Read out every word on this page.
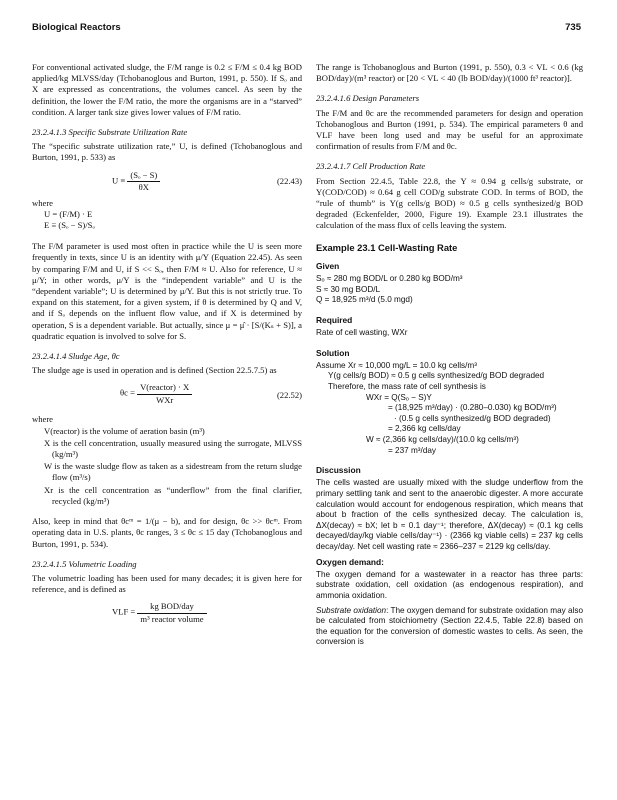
Biological Reactors	735

For conventional activated sludge, the F/M range is 0.2 ≤ F/M ≤ 0.4 kg BOD applied/kg MLVSS/day (Tchobanoglous and Burton, 1991, p. 550). If Sₒ and X are expressed as concentrations, the volumes cancel. As seen by the definition, the lower the F/M ratio, the more the organisms are in a “starved” condition. A larger tank size gives lower values of F/M ratio.

23.2.4.1.3 Specific Substrate Utilization Rate

The “specific substrate utilization rate,” U, is defined (Tchobanoglous and Burton, 1991, p. 533) as

$U \equiv \frac{\text{(Sₒ − S)}}{\theta X}$	(22.43)

where

U = (F/M) · E

E ≡ (Sₒ − S)/Sₒ

The F/M parameter is used most often in practice while the U is seen more frequently in texts, since U is an identity with μ/Y (Equation 22.45). As seen by comparing F/M and U, if S << Sₒ, then F/M ≈ U. Also for reference, U ≈ μ/Y; in other words, μ/Y is the “independent variable” and U is the “dependent variable”; U is determined by μ/Y. But this is not strictly true. To expand on this statement, for a given system, if θ is determined by Q and V, and if Sₒ depends on the influent flow value, and if X is determined by operation, S is a dependent variable. But actually, since μ = μ̂ · [S/(Kₛ + S)], a quadratic equation is involved to solve for S.

23.2.4.1.4 Sludge Age, θc

The sludge age is used in operation and is defined (Section 22.5.7.5) as

$\theta c = \frac{\text{V(reactor) · X}}{\text{WXr}}$	(22.52)

where

V(reactor) is the volume of aeration basin (m³)

X is the cell concentration, usually measured using the surrogate, MLVSS (kg/m³)

W is the waste sludge flow as taken as a sidestream from the return sludge flow (m³/s)

Xr is the cell concentration as “underflow” from the final clarifier, recycled (kg/m³)

Also, keep in mind that θcᵐ = 1/(μ − b), and for design, θc >> θcᵐ. From operating data in U.S. plants, θc ranges, 3 ≤ θc ≤ 15 day (Tchobanoglous and Burton, 1991, p. 534).

23.2.4.1.5 Volumetric Loading

The volumetric loading has been used for many decades; it is given here for reference, and is defined as

VLF = $\frac{\text{kg BOD/day}}{\text{m³ reactor volume}}$

The range is Tchobanoglous and Burton (1991, p. 550), 0.3 < VL < 0.6 (kg BOD/day)/(m³ reactor) or [20 < VL < 40 (lb BOD/day)/(1000 ft³ reactor)].

23.2.4.1.6 Design Parameters

The F/M and θc are the recommended parameters for design and operation Tchobanoglous and Burton (1991, p. 534). The empirical parameters θ and VLF have been long used and may be useful for an approximate confirmation of results from F/M and θc.

23.2.4.1.7 Cell Production Rate

From Section 22.4.5, Table 22.8, the Y ≈ 0.94 g cells/g substrate, or Y(COD/COD) ≈ 0.64 g cell COD/g substrate COD. In terms of BOD, the “rule of thumb” is Y(g cells/g BOD) ≈ 0.5 g cells synthesized/g BOD degraded (Eckenfelder, 2000, Figure 19). Example 23.1 illustrates the calculation of the mass flux of cells leaving the system.

Example 23.1 Cell-Wasting Rate
Given
Sₒ ≈ 280 mg BOD/L or 0.280 kg BOD/m³
S ≈ 30 mg BOD/L
Q = 18,925 m³/d (5.0 mgd)
Required
Rate of cell wasting, WXr
Solution
Assume Xr ≈ 10,000 mg/L = 10.0 kg cells/m³
Y(g cells/g BOD) ≈ 0.5 g cells synthesized/g BOD degraded
Therefore, the mass rate of cell synthesis is
WXr = Q(Sₒ − S)Y
= (18,925 m³/day) · (0.280–0.030) kg BOD/m³)
· (0.5 g cells synthesized/g BOD degraded)
= 2,366 kg cells/day
W ≈ (2,366 kg cells/day)/(10.0 kg cells/m³)
= 237 m³/day
Discussion
The cells wasted are usually mixed with the sludge underflow from the primary settling tank and sent to the anaerobic digester. A more accurate calculation would account for endogenous respiration, which means that about b fraction of the cells synthesized decay. The calculation is, ΔX(decay) ≈ bX; let b ≈ 0.1 day⁻¹; therefore, ΔX(decay) ≈ (0.1 kg cells decayed/day/kg viable cells/day⁻¹) · (2366 kg viable cells) = 237 kg cells decay/day. Net cell wasting rate ≈ 2366–237 ≈ 2129 kg cells/day.
Oxygen demand:
The oxygen demand for a wastewater in a reactor has three parts: substrate oxidation, cell oxidation (as endogenous respiration), and ammonia oxidation.
Substrate oxidation: The oxygen demand for substrate oxidation may also be calculated from stoichiometry (Section 22.4.5, Table 22.8) based on the equation for the conversion of domestic wastes to cells. As seen, the conversion is
